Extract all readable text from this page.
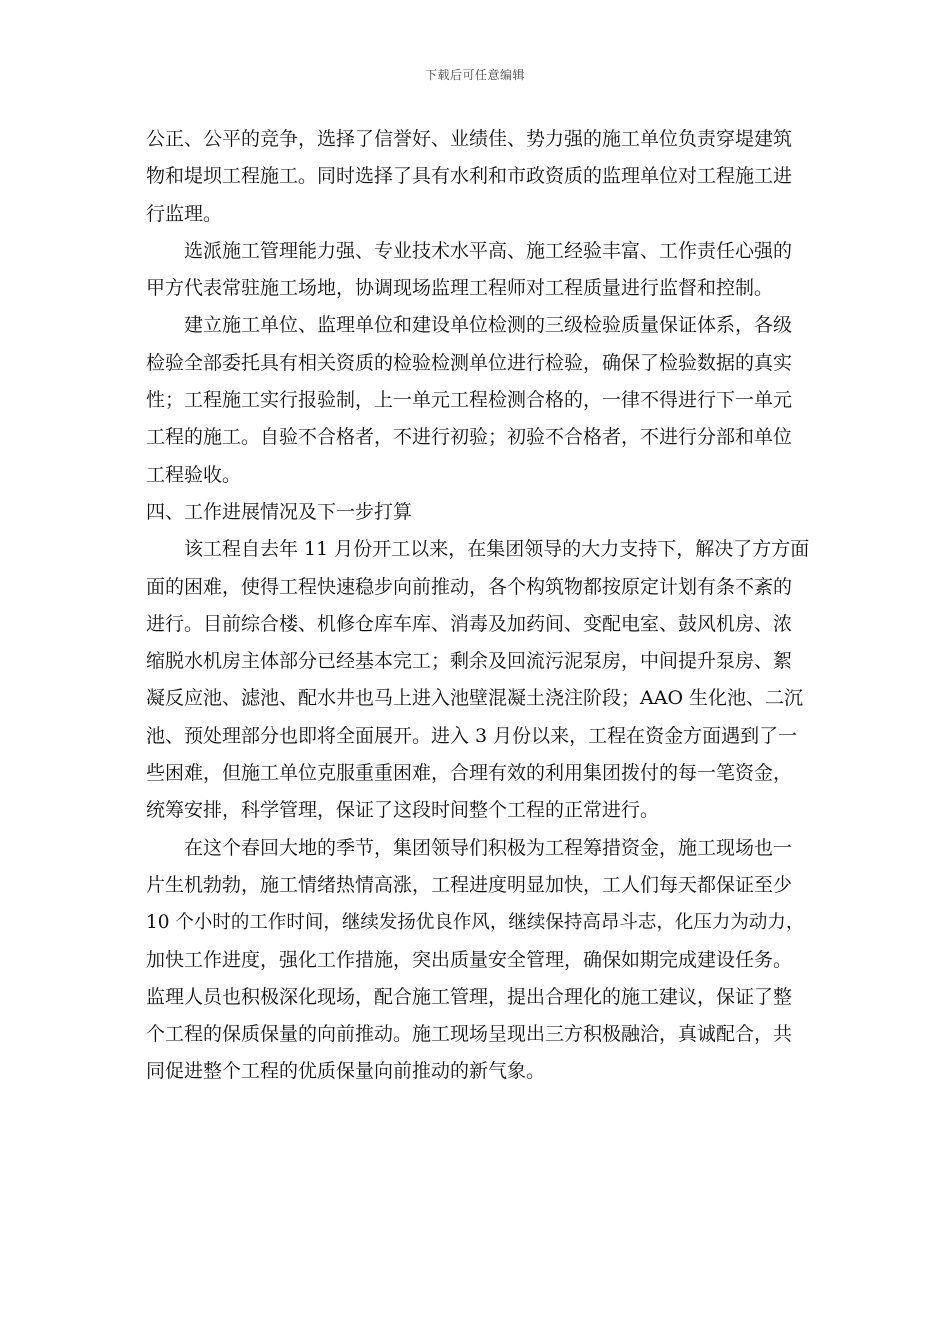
下载后可任意编辑
公正、公平的竞争，选择了信誉好、业绩佳、势力强的施工单位负责穿堤建筑
物和堤坝工程施工。同时选择了具有水利和市政资质的监理单位对工程施工进
行监理。
选派施工管理能力强、专业技术水平高、施工经验丰富、工作责任心强的
甲方代表常驻施工场地，协调现场监理工程师对工程质量进行监督和控制。
建立施工单位、监理单位和建设单位检测的三级检验质量保证体系，各级
检验全部委托具有相关资质的检验检测单位进行检验，确保了检验数据的真实
性；工程施工实行报验制，上一单元工程检测合格的，一律不得进行下一单元
工程的施工。自验不合格者，不进行初验；初验不合格者，不进行分部和单位
工程验收。
四、工作进展情况及下一步打算
该工程自去年 11 月份开工以来，在集团领导的大力支持下，解决了方方面
面的困难，使得工程快速稳步向前推动，各个构筑物都按原定计划有条不紊的
进行。目前综合楼、机修仓库车库、消毒及加药间、变配电室、鼓风机房、浓
缩脱水机房主体部分已经基本完工；剩余及回流污泥泵房，中间提升泵房、絮
凝反应池、滤池、配水井也马上进入池壁混凝土浇注阶段；AAO 生化池、二沉
池、预处理部分也即将全面展开。进入 3 月份以来，工程在资金方面遇到了一
些困难，但施工单位克服重重困难，合理有效的利用集团拨付的每一笔资金，
统筹安排，科学管理，保证了这段时间整个工程的正常进行。
在这个春回大地的季节，集团领导们积极为工程筹措资金，施工现场也一
片生机勃勃，施工情绪热情高涨，工程进度明显加快，工人们每天都保证至少
10 个小时的工作时间，继续发扬优良作风，继续保持高昂斗志，化压力为动力，
加快工作进度，强化工作措施，突出质量安全管理，确保如期完成建设任务。
监理人员也积极深化现场，配合施工管理，提出合理化的施工建议，保证了整
个工程的保质保量的向前推动。施工现场呈现出三方积极融洽，真诚配合，共
同促进整个工程的优质保量向前推动的新气象。
